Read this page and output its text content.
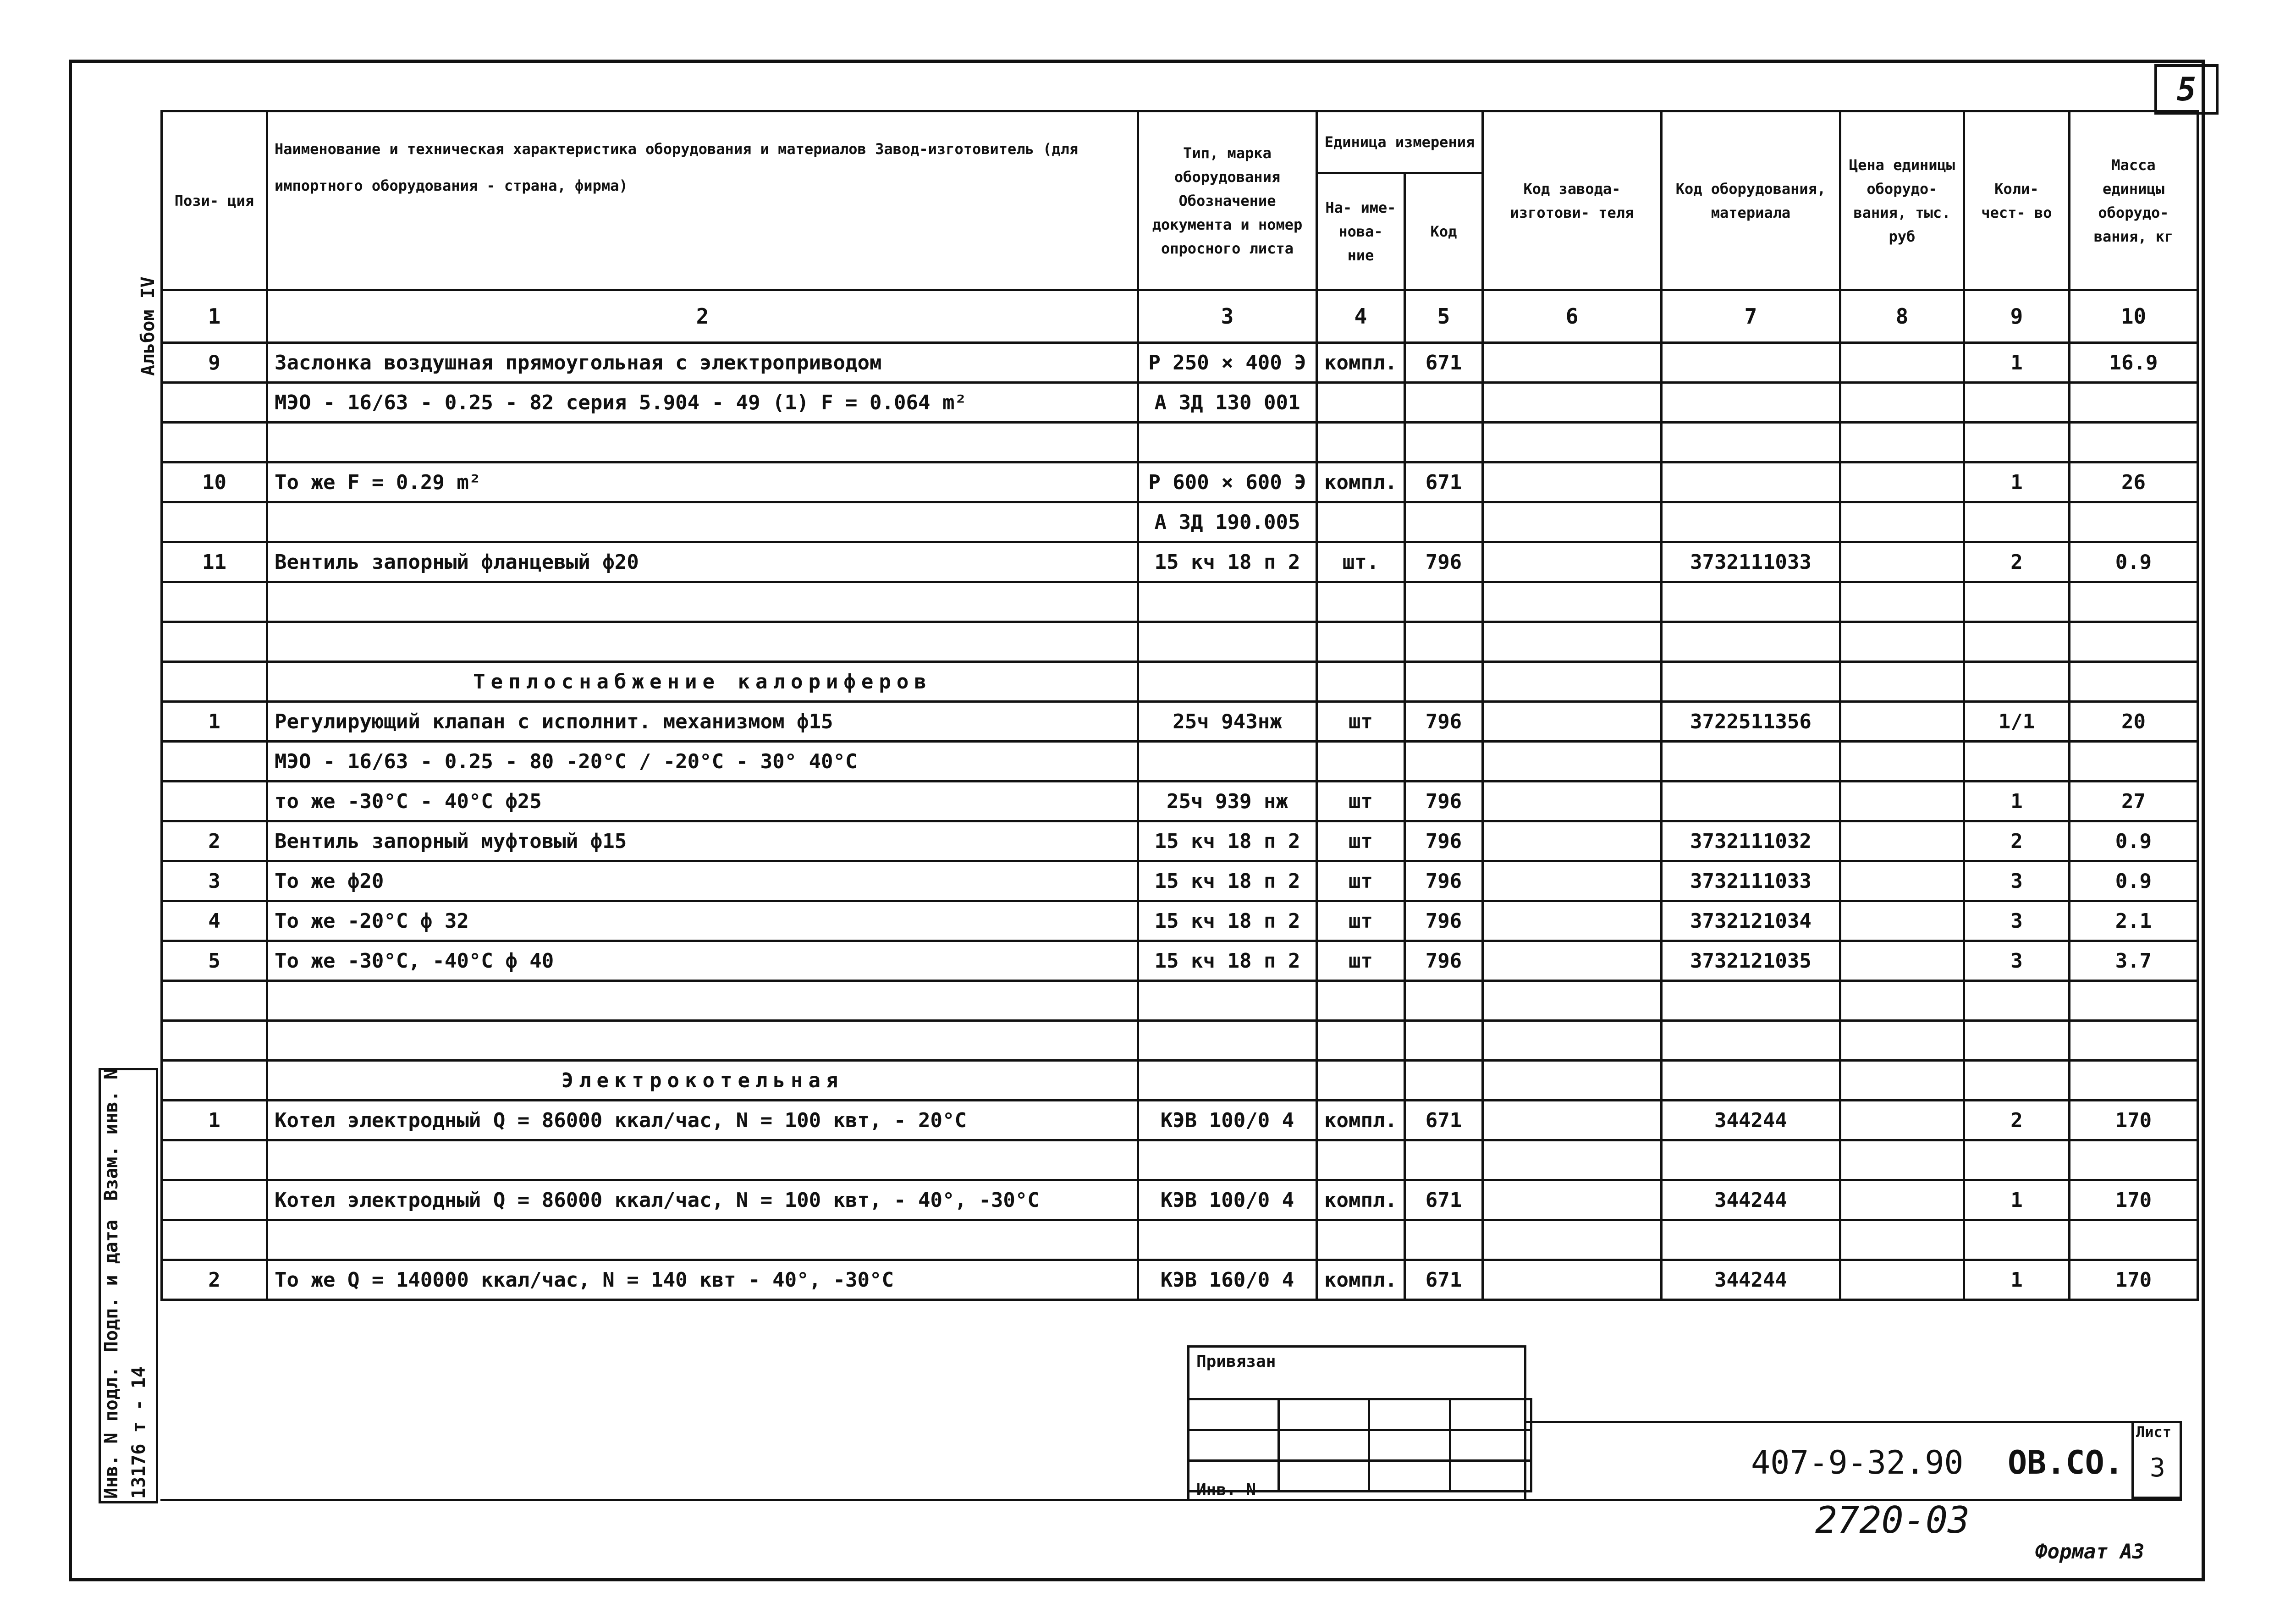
5
Альбом IV
Взам. инв. N
Подп. и дата
Инв. N подл. 13176 т - 14
Пози- ция	Наименование и техническая характеристика оборудования и материалов Завод-изготовитель (для импортного оборудования - страна, фирма)	Тип, марка оборудования Обозначение документа и номер опросного листа	Единица измерения		Код завода- изготови- теля	Код оборудования, материала	Цена единицы оборудо- вания, тыс. руб	Коли- чест- во	Масса единицы оборудо- вания, кг
			На- име- нова- ние	Код					
1	2	3	4	5	6	7	8	9	10
9	Заслонка воздушная прямоугольная с электроприводом	Р 250 × 400 Э	компл.	671				1	16.9
	МЭО - 16/63 - 0.25 - 82 серия 5.904 - 49 (1) F = 0.064 m²	А ЗД 130 001							

10	То же F = 0.29 m²	Р 600 × 600 Э	компл.	671				1	26
		А ЗД 190.005							
11	Вентиль запорный фланцевый ф20	15 кч 18 п 2	шт.	796		3732111033		2	0.9

	Теплоснабжение калориферов								
1	Регулирующий клапан с исполнит. механизмом ф15	25ч 943нж	шт	796		3722511356		1/1	20
	МЭО - 16/63 - 0.25 - 80 -20°С / -20°С - 30° 40°С								
	то же -30°С - 40°С ф25	25ч 939 нж	шт	796				1	27
2	Вентиль запорный муфтовый ф15	15 кч 18 п 2	шт	796		3732111032		2	0.9
3	То же ф20	15 кч 18 п 2	шт	796		3732111033		3	0.9
4	То же -20°С ф 32	15 кч 18 п 2	шт	796		3732121034		3	2.1
5	То же -30°С, -40°С ф 40	15 кч 18 п 2	шт	796		3732121035		3	3.7

	Электрокотельная								
1	Котел электродный Q = 86000 ккал/час, N = 100 квт, - 20°С	КЭВ 100/0 4	компл.	671		344244		2	170

	Котел электродный Q = 86000 ккал/час, N = 100 квт, - 40°, -30°С	КЭВ 100/0 4	компл.	671		344244		1	170

2	То же Q = 140000 ккал/час, N = 140 квт - 40°, -30°С	КЭВ 160/0 4	компл.	671		344244		1	170
Привязан

Инв. N
407-9-32.90 ОВ.СО.
Лист
3
2720-03
Формат А3
